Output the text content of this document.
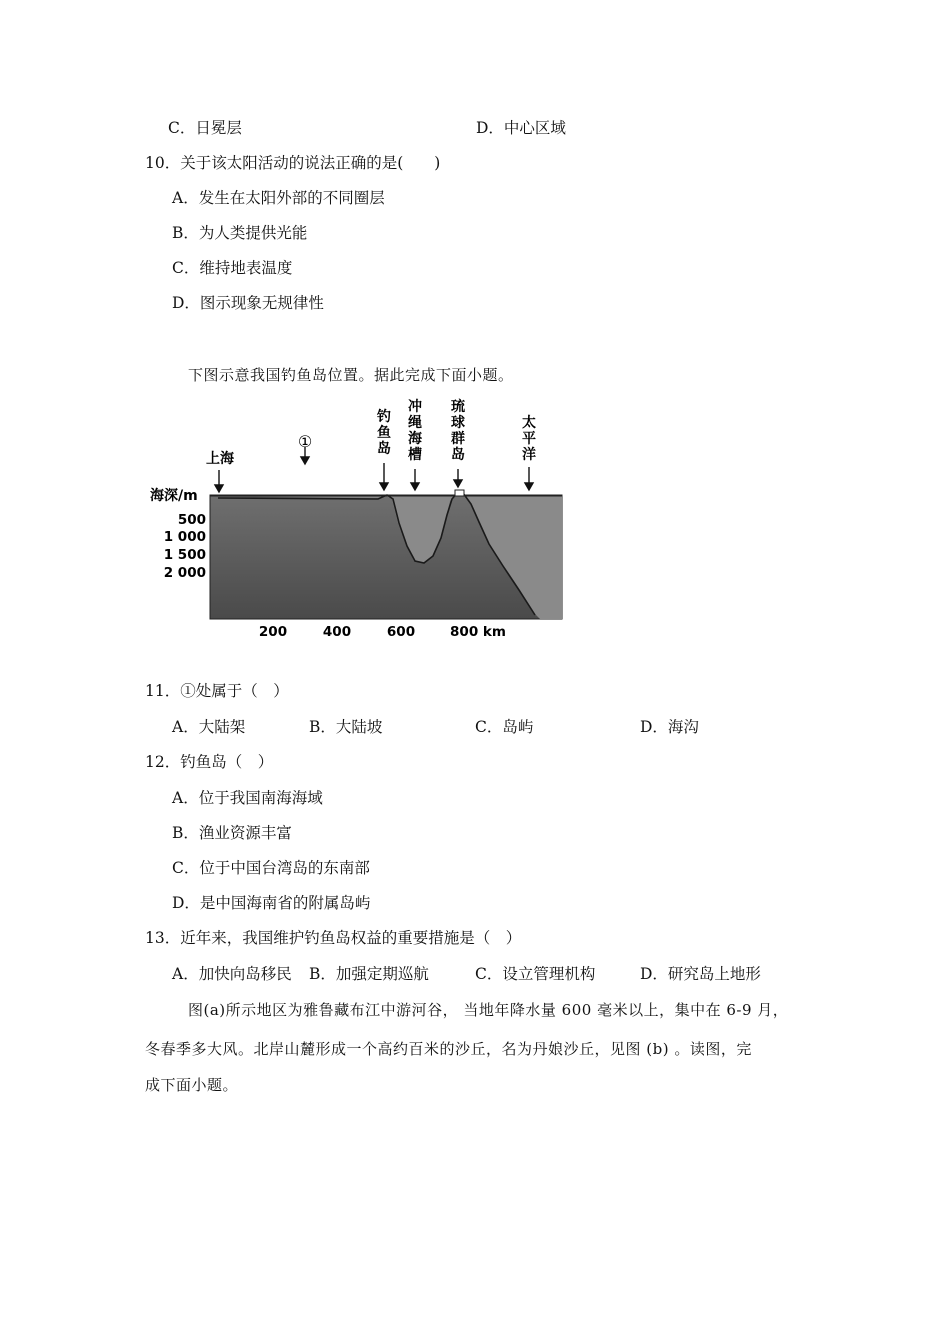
C．日冕层	D．中心区域
10．关于该太阳活动的说法正确的是(　　)
A．发生在太阳外部的不同圈层
B．为人类提供光能
C．维持地表温度
D．图示现象无规律性
下图示意我国钓鱼岛位置。据此完成下面小题。
上海
①
钓鱼岛
冲绳海槽
琉球群岛
太平洋
海深/m
500
1 000
1 500
2 000
200	400	600	800 km
11．①处属于（　）
A．大陆架	B．大陆坡	C．岛屿	D．海沟
12．钓鱼岛（　）
A．位于我国南海海域
B．渔业资源丰富
C．位于中国台湾岛的东南部
D．是中国海南省的附属岛屿
13．近年来，我国维护钓鱼岛权益的重要措施是（　）
A．加快向岛移民 B．加强定期巡航	C．设立管理机构	D．研究岛上地形
图(a)所示地区为雅鲁藏布江中游河谷， 当地年降水量 600 毫米以上，集中在 6-9 月，
冬春季多大风。北岸山麓形成一个高约百米的沙丘，名为丹娘沙丘，见图 (b) 。读图，完
成下面小题。
